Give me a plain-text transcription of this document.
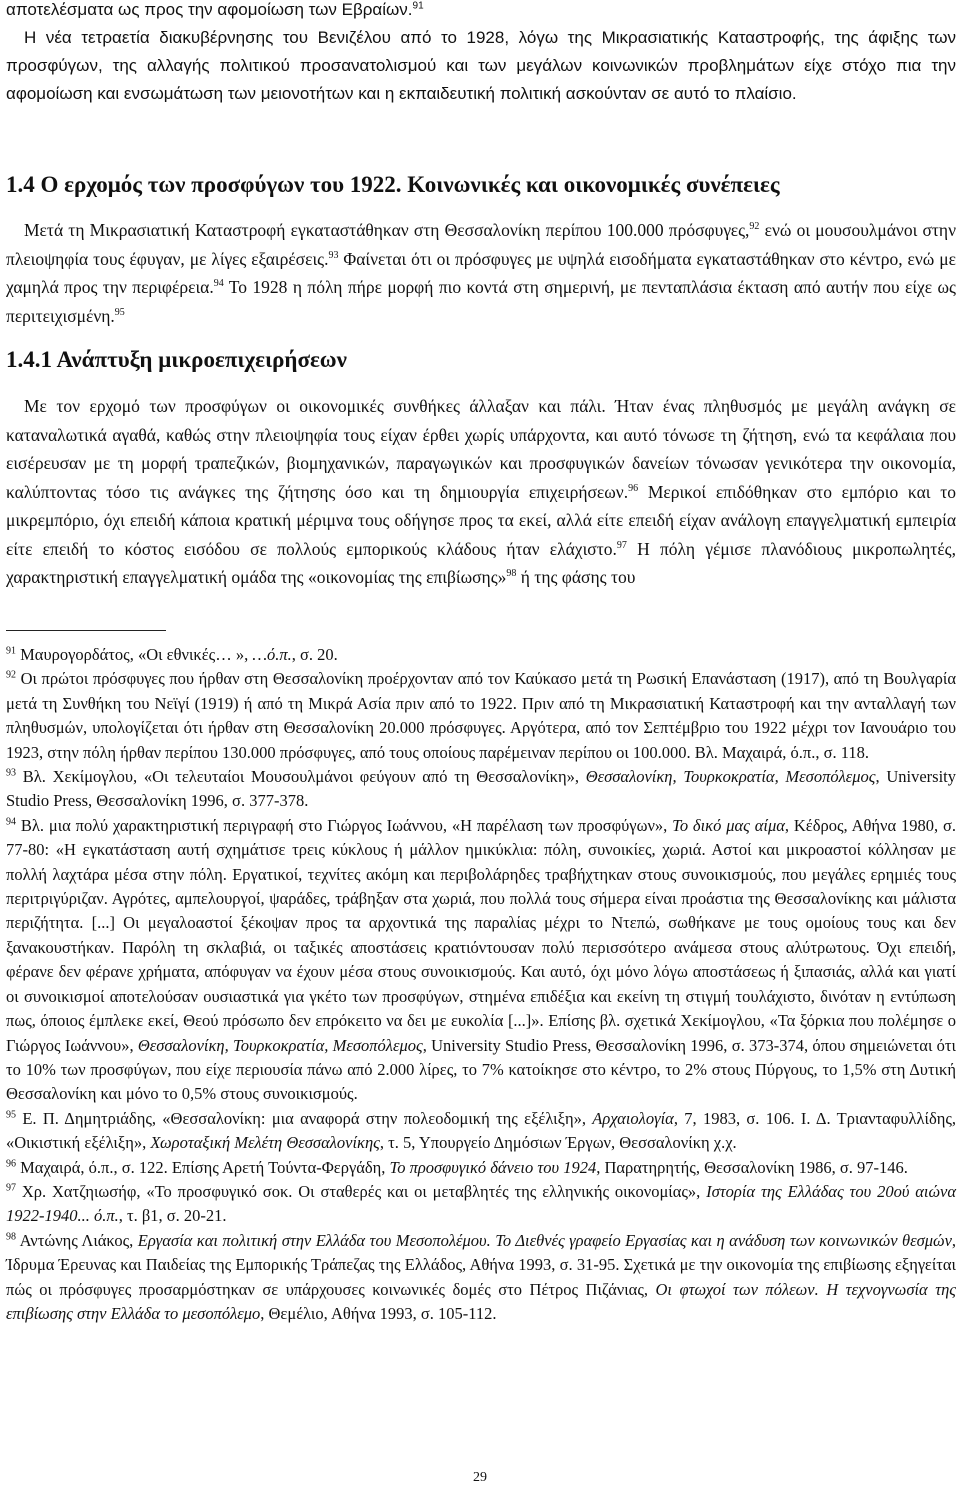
αποτελέσματα ως προς την αφομοίωση των Εβραίων.$^{91}$

Η νέα τετραετία διακυβέρνησης του Βενιζέλου από το 1928, λόγω της Μικρασιατικής Καταστροφής, της άφιξης των προσφύγων, της αλλαγής πολιτικού προσανατολισμού και των μεγάλων κοινωνικών προβλημάτων είχε στόχο πια την αφομοίωση και ενσωμάτωση των μειονοτήτων και η εκπαιδευτική πολιτική ασκούνταν σε αυτό το πλαίσιο.

1.4 Ο ερχομός των προσφύγων του 1922. Κοινωνικές και οικονομικές συνέπειες

Μετά τη Μικρασιατική Καταστροφή εγκαταστάθηκαν στη Θεσσαλονίκη περίπου 100.000 πρόσφυγες,$^{92}$ ενώ οι μουσουλμάνοι στην πλειοψηφία τους έφυγαν, με λίγες εξαιρέσεις.$^{93}$ Φαίνεται ότι οι πρόσφυγες με υψηλά εισοδήματα εγκαταστάθηκαν στο κέντρο, ενώ με χαμηλά προς την περιφέρεια.$^{94}$ Το 1928 η πόλη πήρε μορφή πιο κοντά στη σημερινή, με πενταπλάσια έκταση από αυτήν που είχε ως περιτειχισμένη.$^{95}$

1.4.1 Ανάπτυξη μικροεπιχειρήσεων

Με τον ερχομό των προσφύγων οι οικονομικές συνθήκες άλλαξαν και πάλι. Ήταν ένας πληθυσμός με μεγάλη ανάγκη σε καταναλωτικά αγαθά, καθώς στην πλειοψηφία τους είχαν έρθει χωρίς υπάρχοντα, και αυτό τόνωσε τη ζήτηση, ενώ τα κεφάλαια που εισέρευσαν με τη μορφή τραπεζικών, βιομηχανικών, παραγωγικών και προσφυγικών δανείων τόνωσαν γενικότερα την οικονομία, καλύπτοντας τόσο τις ανάγκες της ζήτησης όσο και τη δημιουργία επιχειρήσεων.$^{96}$ Μερικοί επιδόθηκαν στο εμπόριο και το μικρεμπόριο, όχι επειδή κάποια κρατική μέριμνα τους οδήγησε προς τα εκεί, αλλά είτε επειδή είχαν ανάλογη επαγγελματική εμπειρία είτε επειδή το κόστος εισόδου σε πολλούς εμπορικούς κλάδους ήταν ελάχιστο.$^{97}$ Η πόλη γέμισε πλανόδιους μικροπωλητές, χαρακτηριστική επαγγελματική ομάδα της «οικονομίας της επιβίωσης»$^{98}$ ή της φάσης του

$^{91}$ Μαυρογορδάτος, «Οι εθνικές… », …ό.π., σ. 20.

$^{92}$ Οι πρώτοι πρόσφυγες που ήρθαν στη Θεσσαλονίκη προέρχονταν από τον Καύκασο μετά τη Ρωσική Επανάσταση (1917), από τη Βουλγαρία μετά τη Συνθήκη του Νεϊγί (1919) ή από τη Μικρά Ασία πριν από το 1922. Πριν από τη Μικρασιατική Καταστροφή και την ανταλλαγή των πληθυσμών, υπολογίζεται ότι ήρθαν στη Θεσσαλονίκη 20.000 πρόσφυγες. Αργότερα, από τον Σεπτέμβριο του 1922 μέχρι τον Ιανουάριο του 1923, στην πόλη ήρθαν περίπου 130.000 πρόσφυγες, από τους οποίους παρέμειναν περίπου οι 100.000. Βλ. Μαχαιρά, ό.π., σ. 118.

$^{93}$ Βλ. Χεκίμογλου, «Οι τελευταίοι Μουσουλμάνοι φεύγουν από τη Θεσσαλονίκη», Θεσσαλονίκη, Τουρκοκρατία, Μεσοπόλεμος, University Studio Press, Θεσσαλονίκη 1996, σ. 377-378.

$^{94}$ Βλ. μια πολύ χαρακτηριστική περιγραφή στο Γιώργος Ιωάννου, «Η παρέλαση των προσφύγων», Το δικό μας αίμα, Κέδρος, Αθήνα 1980, σ. 77-80: «Η εγκατάσταση αυτή σχημάτισε τρεις κύκλους ή μάλλον ημικύκλια: πόλη, συνοικίες, χωριά. Αστοί και μικροαστοί κόλλησαν με πολλή λαχτάρα μέσα στην πόλη. Εργατικοί, τεχνίτες ακόμη και περιβολάρηδες τραβήχτηκαν στους συνοικισμούς, που μεγάλες ερημιές τους περιτριγύριζαν. Αγρότες, αμπελουργοί, ψαράδες, τράβηξαν στα χωριά, που πολλά τους σήμερα είναι προάστια της Θεσσαλονίκης και μάλιστα περιζήτητα. [...] Οι μεγαλοαστοί ξέκοψαν προς τα αρχοντικά της παραλίας μέχρι το Ντεπώ, σωθήκανε με τους ομοίους τους και δεν ξανακουστήκαν. Παρόλη τη σκλαβιά, οι ταξικές αποστάσεις κρατιόντουσαν πολύ περισσότερο ανάμεσα στους αλύτρωτους. Όχι επειδή, φέρανε δεν φέρανε χρήματα, απόφυγαν να έχουν μέσα στους συνοικισμούς. Και αυτό, όχι μόνο λόγω αποστάσεως ή ξιπασιάς, αλλά και γιατί οι συνοικισμοί αποτελούσαν ουσιαστικά για γκέτο των προσφύγων, στημένα επιδέξια και εκείνη τη στιγμή τουλάχιστο, δινόταν η εντύπωση πως, όποιος έμπλεκε εκεί, Θεού πρόσωπο δεν επρόκειτο να δει με ευκολία [...]». Επίσης βλ. σχετικά Χεκίμογλου, «Τα ξόρκια που πολέμησε ο Γιώργος Ιωάννου», Θεσσαλονίκη, Τουρκοκρατία, Μεσοπόλεμος, University Studio Press, Θεσσαλονίκη 1996, σ. 373-374, όπου σημειώνεται ότι το 10% των προσφύγων, που είχε περιουσία πάνω από 2.000 λίρες, το 7% κατοίκησε στο κέντρο, το 2% στους Πύργους, το 1,5% στη Δυτική Θεσσαλονίκη και μόνο το 0,5% στους συνοικισμούς.

$^{95}$ Ε. Π. Δημητριάδης, «Θεσσαλονίκη: μια αναφορά στην πολεοδομική της εξέλιξη», Αρχαιολογία, 7, 1983, σ. 106. Ι. Δ. Τριανταφυλλίδης, «Οικιστική εξέλιξη», Χωροταξική Μελέτη Θεσσαλονίκης, τ. 5, Υπουργείο Δημόσιων Έργων, Θεσσαλονίκη χ.χ.

$^{96}$ Μαχαιρά, ό.π., σ. 122. Επίσης Αρετή Τούντα-Φεργάδη, Το προσφυγικό δάνειο του 1924, Παρατηρητής, Θεσσαλονίκη 1986, σ. 97-146.

$^{97}$ Χρ. Χατζηιωσήφ, «Το προσφυγικό σοκ. Οι σταθερές και οι μεταβλητές της ελληνικής οικονομίας», Ιστορία της Ελλάδας του 20ού αιώνα 1922-1940... ό.π., τ. β1, σ. 20-21.

$^{98}$ Αντώνης Λιάκος, Εργασία και πολιτική στην Ελλάδα του Μεσοπολέμου. Το Διεθνές γραφείο Εργασίας και η ανάδυση των κοινωνικών θεσμών, Ίδρυμα Έρευνας και Παιδείας της Εμπορικής Τράπεζας της Ελλάδος, Αθήνα 1993, σ. 31-95. Σχετικά με την οικονομία της επιβίωσης εξηγείται πώς οι πρόσφυγες προσαρμόστηκαν σε υπάρχουσες κοινωνικές δομές στο Πέτρος Πιζάνιας, Οι φτωχοί των πόλεων. Η τεχνογνωσία της επιβίωσης στην Ελλάδα το μεσοπόλεμο, Θεμέλιο, Αθήνα 1993, σ. 105-112.

29
